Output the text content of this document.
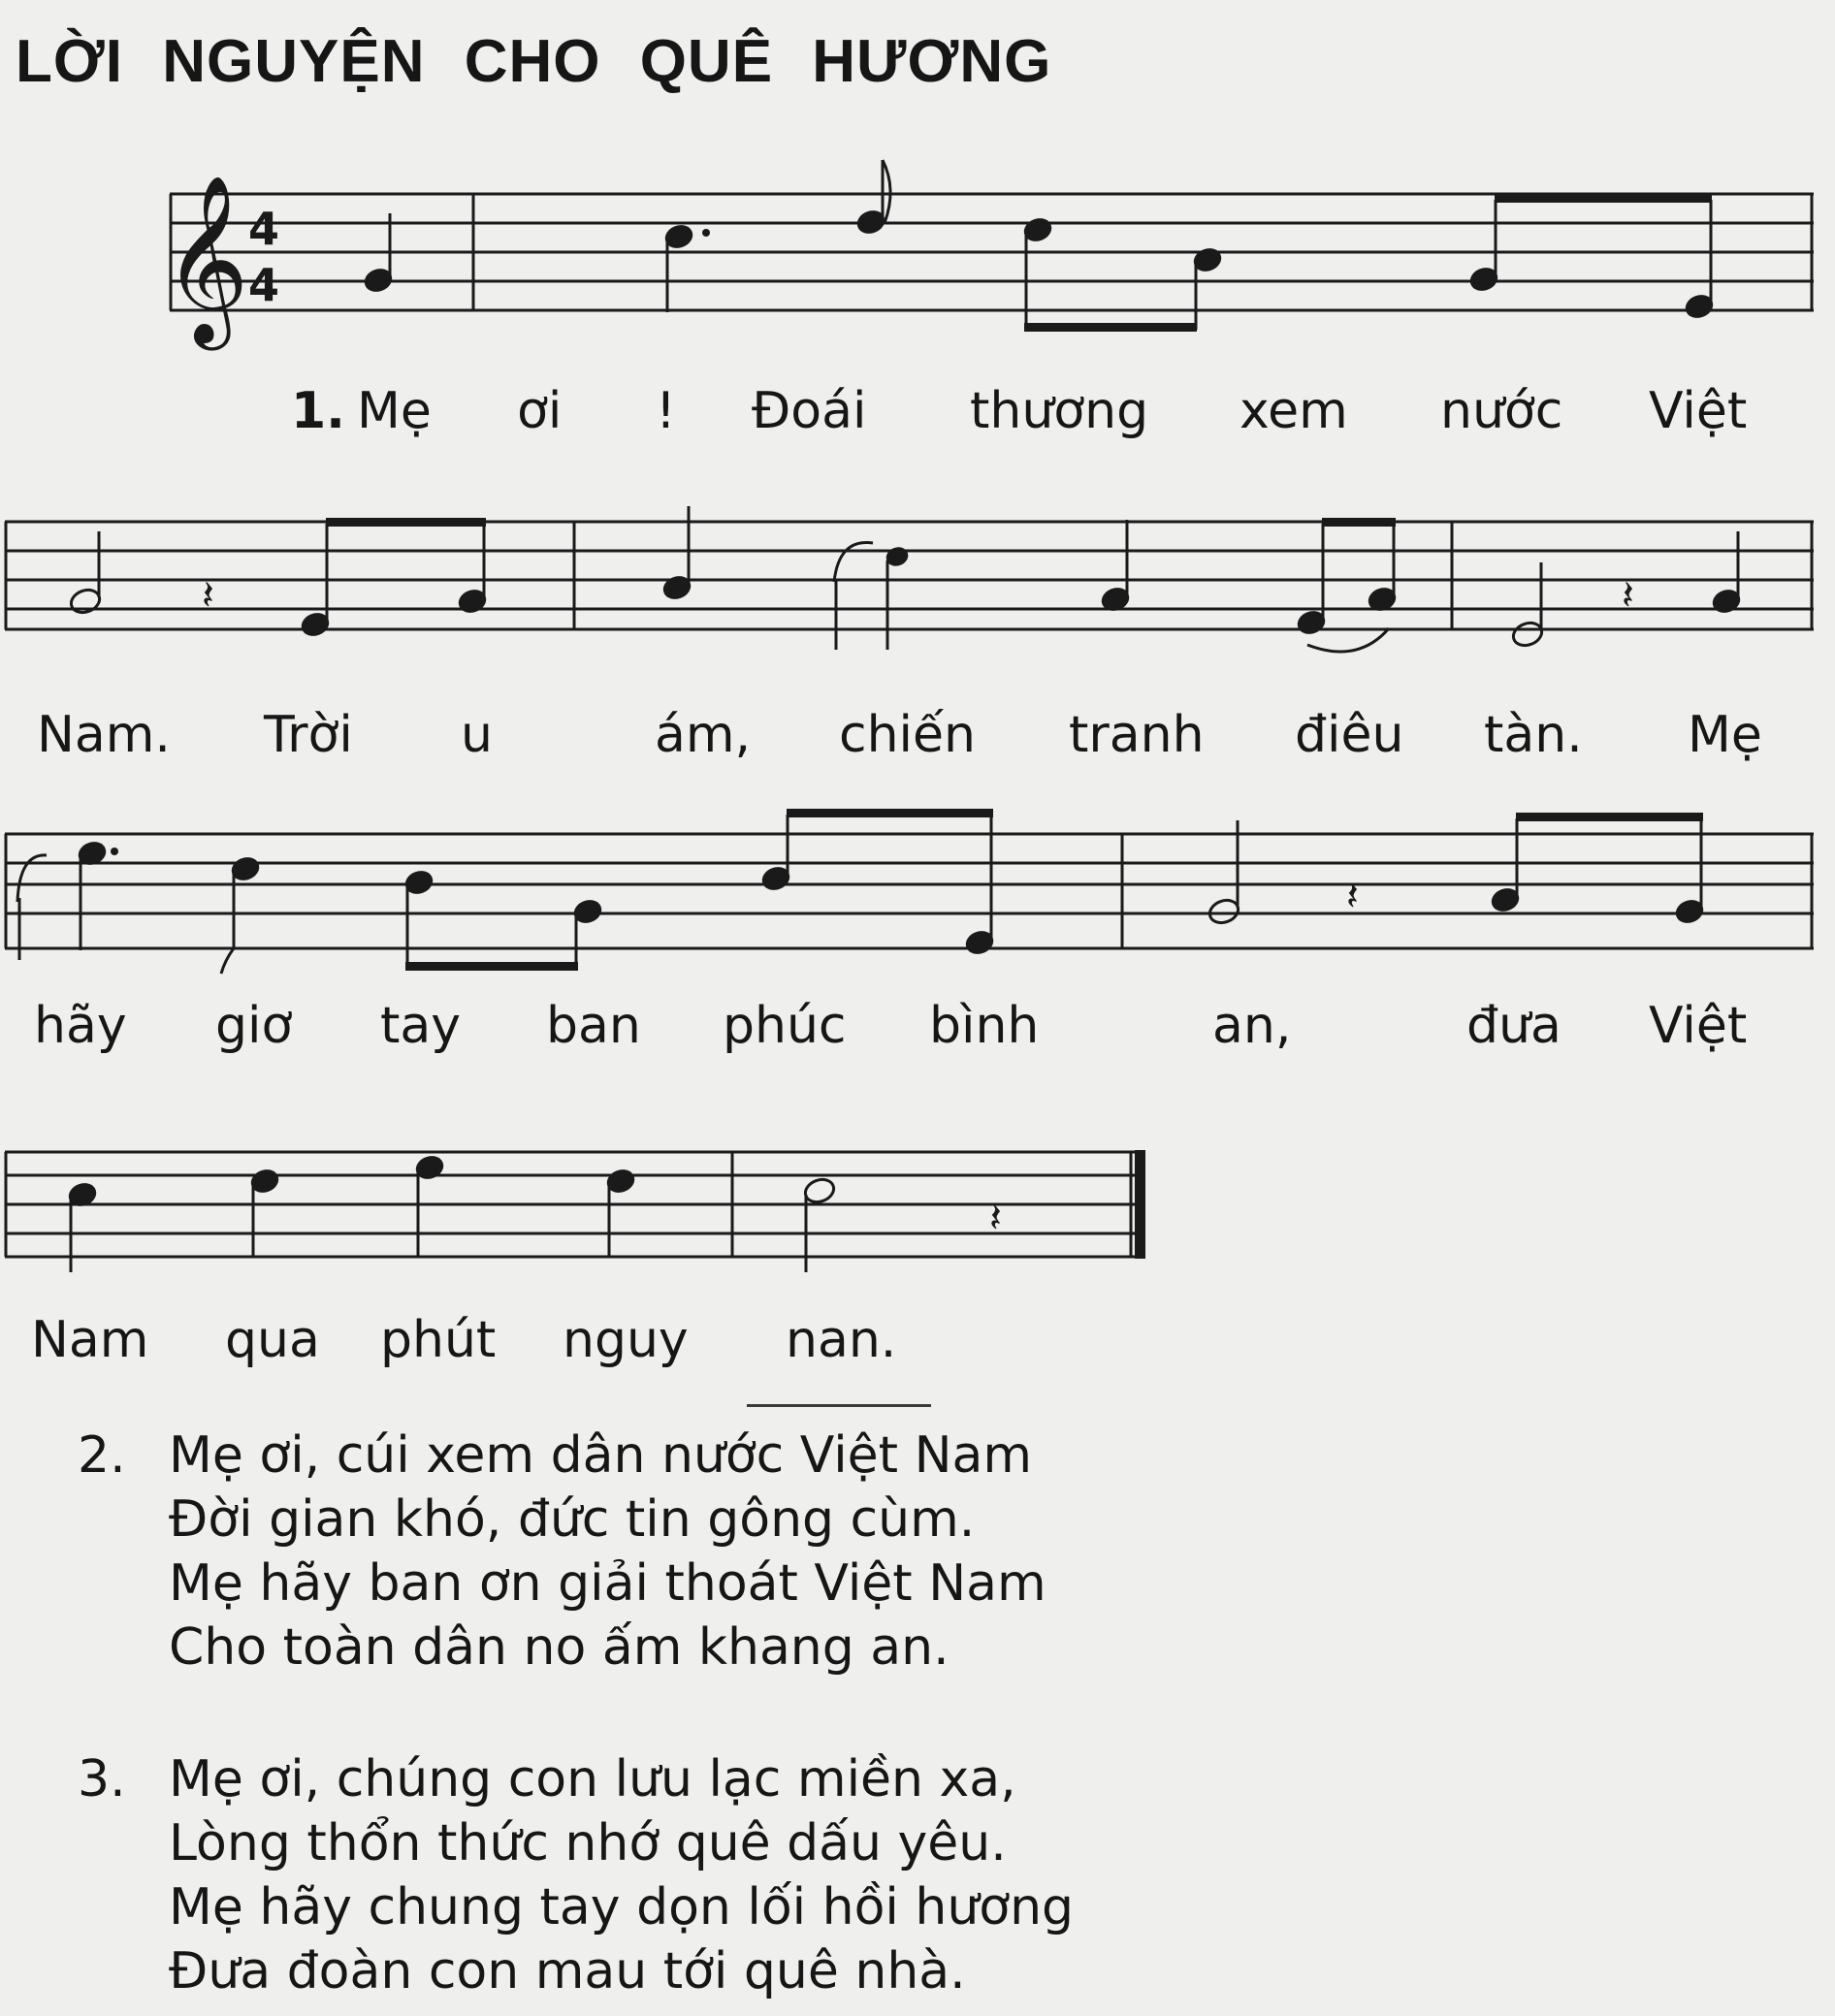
LỜI NGUYỆN CHO QUÊ HƯƠNG
𝄞 4
4
1. Mẹ ơi ! Đoái thương xem nước Việt
𝄽	𝄽
Nam. Trời u	ám, chiến tranh điêu tàn. Mẹ
𝄽
hãy giơ tay ban phúc bình	an,	đưa Việt
𝄽
Nam qua phút nguy nan.
2. Mẹ ơi, cúi xem dân nước Việt Nam
Đời gian khó, đức tin gông cùm.
Mẹ hãy ban ơn giải thoát Việt Nam
Cho toàn dân no ấm khang an.
3. Mẹ ơi, chúng con lưu lạc miền xa,
Lòng thổn thức nhớ quê dấu yêu.
Mẹ hãy chung tay dọn lối hồi hương
Đưa đoàn con mau tới quê nhà.
